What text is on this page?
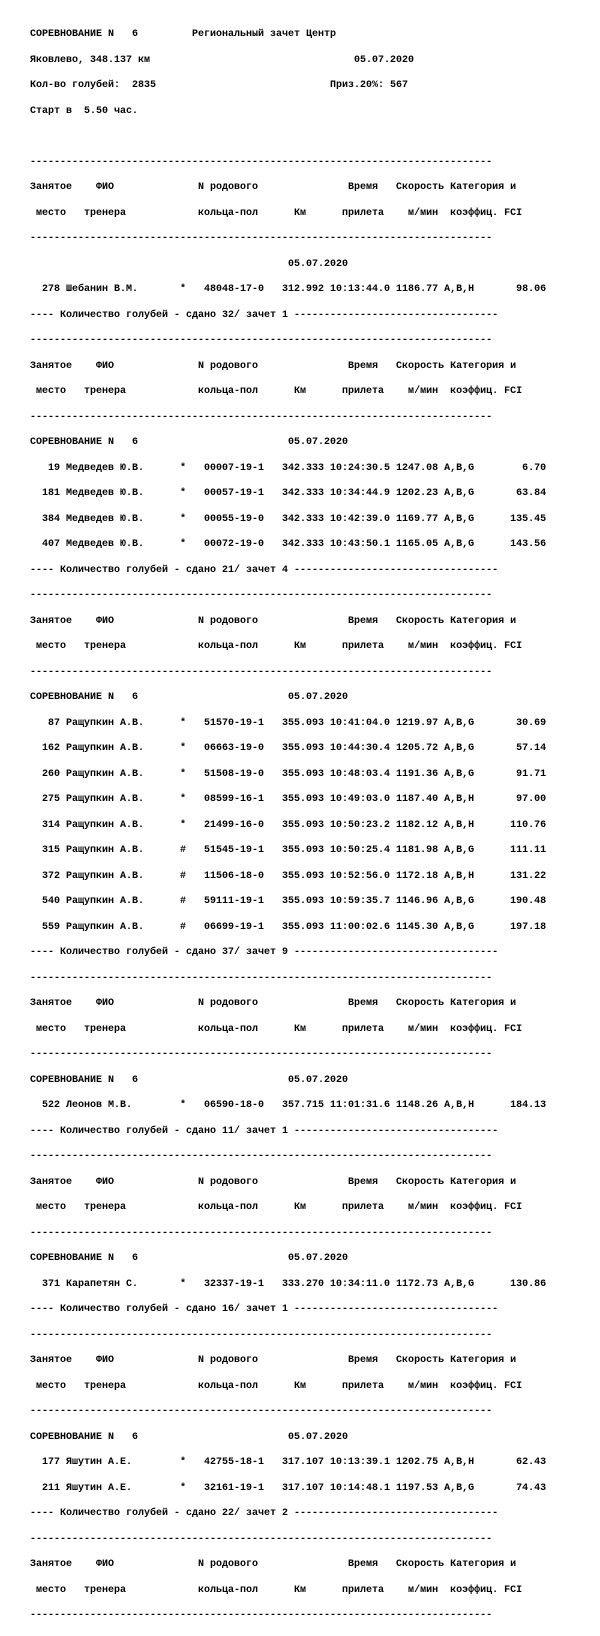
СОРЕВНОВАНИЕ N   6         Региональный зачет Центр

Яковлево, 348.137 км                                  05.07.2020

Кол-во голубей:  2835                             Приз.20%: 567

Старт в  5.50 час.

-----------------------------------------------------------------------------

Занятое    ФИО              N родового               Время   Скорость Категория и

место   тренера            кольца-пол      Км      прилета    м/мин  коэффиц. FCI

-----------------------------------------------------------------------------

05.07.2020

278 Шебанин В.М.       *   48048-17-0   312.992 10:13:44.0 1186.77 A,B,H       98.06

---- Количество голубей - сдано 32/ зачет 1 ----------------------------------

-----------------------------------------------------------------------------

Занятое    ФИО              N родового               Время   Скорость Категория и

место   тренера            кольца-пол      Км      прилета    м/мин  коэффиц. FCI

-----------------------------------------------------------------------------

СОРЕВНОВАНИЕ N   6                         05.07.2020

19 Медведев Ю.В.      *   00007-19-1   342.333 10:24:30.5 1247.08 A,B,G        6.70

181 Медведев Ю.В.      *   00057-19-1   342.333 10:34:44.9 1202.23 A,B,G       63.84

384 Медведев Ю.В.      *   00055-19-0   342.333 10:42:39.0 1169.77 A,B,G      135.45

407 Медведев Ю.В.      *   00072-19-0   342.333 10:43:50.1 1165.05 A,B,G      143.56

---- Количество голубей - сдано 21/ зачет 4 ----------------------------------

-----------------------------------------------------------------------------

Занятое    ФИО              N родового               Время   Скорость Категория и

место   тренера            кольца-пол      Км      прилета    м/мин  коэффиц. FCI

-----------------------------------------------------------------------------

СОРЕВНОВАНИЕ N   6                         05.07.2020

87 Ращупкин А.В.      *   51570-19-1   355.093 10:41:04.0 1219.97 A,B,G       30.69

162 Ращупкин А.В.      *   06663-19-0   355.093 10:44:30.4 1205.72 A,B,G       57.14

260 Ращупкин А.В.      *   51508-19-0   355.093 10:48:03.4 1191.36 A,B,G       91.71

275 Ращупкин А.В.      *   08599-16-1   355.093 10:49:03.0 1187.40 A,B,H       97.00

314 Ращупкин А.В.      *   21499-16-0   355.093 10:50:23.2 1182.12 A,B,H      110.76

315 Ращупкин А.В.      #   51545-19-1   355.093 10:50:25.4 1181.98 A,B,G      111.11

372 Ращупкин А.В.      #   11506-18-0   355.093 10:52:56.0 1172.18 A,B,H      131.22

540 Ращупкин А.В.      #   59111-19-1   355.093 10:59:35.7 1146.96 A,B,G      190.48

559 Ращупкин А.В.      #   06699-19-1   355.093 11:00:02.6 1145.30 A,B,G      197.18

---- Количество голубей - сдано 37/ зачет 9 ----------------------------------

-----------------------------------------------------------------------------

Занятое    ФИО              N родового               Время   Скорость Категория и

место   тренера            кольца-пол      Км      прилета    м/мин  коэффиц. FCI

-----------------------------------------------------------------------------

СОРЕВНОВАНИЕ N   6                         05.07.2020

522 Леонов М.В.        *   06590-18-0   357.715 11:01:31.6 1148.26 A,B,H      184.13

---- Количество голубей - сдано 11/ зачет 1 ----------------------------------

-----------------------------------------------------------------------------

Занятое    ФИО              N родового               Время   Скорость Категория и

место   тренера            кольца-пол      Км      прилета    м/мин  коэффиц. FCI

-----------------------------------------------------------------------------

СОРЕВНОВАНИЕ N   6                         05.07.2020

371 Карапетян С.       *   32337-19-1   333.270 10:34:11.0 1172.73 A,B,G      130.86

---- Количество голубей - сдано 16/ зачет 1 ----------------------------------

-----------------------------------------------------------------------------

Занятое    ФИО              N родового               Время   Скорость Категория и

место   тренера            кольца-пол      Км      прилета    м/мин  коэффиц. FCI

-----------------------------------------------------------------------------

СОРЕВНОВАНИЕ N   6                         05.07.2020

177 Яшутин А.Е.        *   42755-18-1   317.107 10:13:39.1 1202.75 A,B,H       62.43

211 Яшутин А.Е.        *   32161-19-1   317.107 10:14:48.1 1197.53 A,B,G       74.43

---- Количество голубей - сдано 22/ зачет 2 ----------------------------------

-----------------------------------------------------------------------------

Занятое    ФИО              N родового               Время   Скорость Категория и

место   тренера            кольца-пол      Км      прилета    м/мин  коэффиц. FCI

-----------------------------------------------------------------------------
